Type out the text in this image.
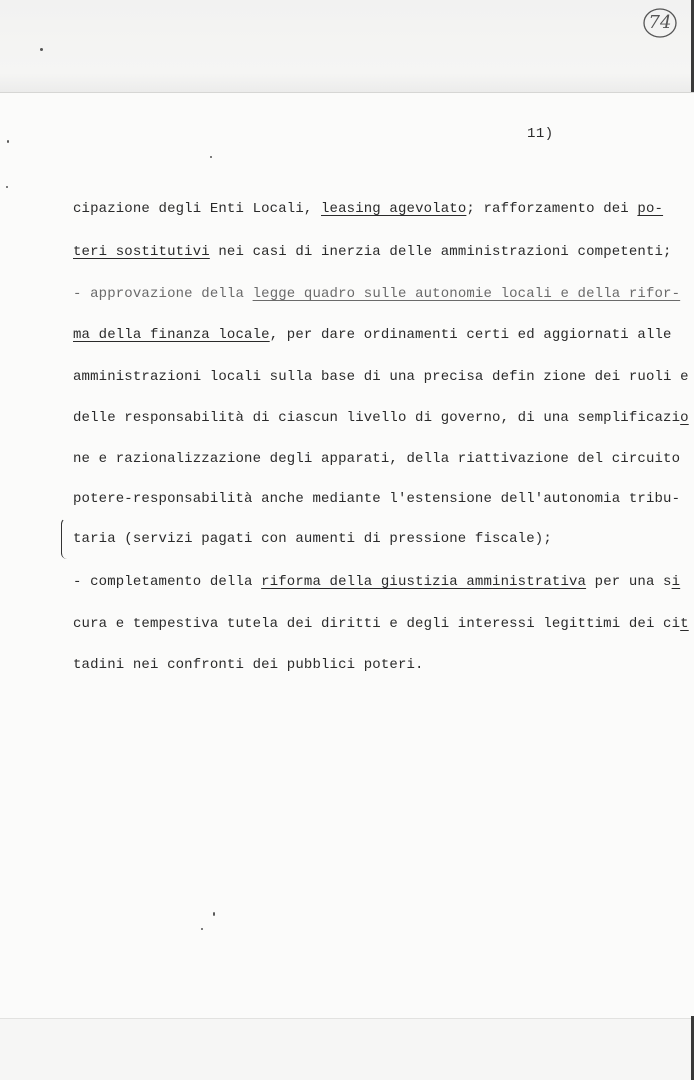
74
11)
cipazione degli Enti Locali, leasing agevolato; rafforzamento dei po-
teri sostitutivi nei casi di inerzia delle amministrazioni competenti;
- approvazione della legge quadro sulle autonomie locali e della rifor-
ma della finanza locale, per dare ordinamenti certi ed aggiornati alle
amministrazioni locali sulla base di una precisa defin zione dei ruoli e
delle responsabilità di ciascun livello di governo, di una semplificazio
ne e razionalizzazione degli apparati, della riattivazione del circuito
potere-responsabilità anche mediante l'estensione dell'autonomia tribu-
taria (servizi pagati con aumenti di pressione fiscale);
- completamento della riforma della giustizia amministrativa per una si
cura e tempestiva tutela dei diritti e degli interessi legittimi dei cit
tadini nei confronti dei pubblici poteri.
